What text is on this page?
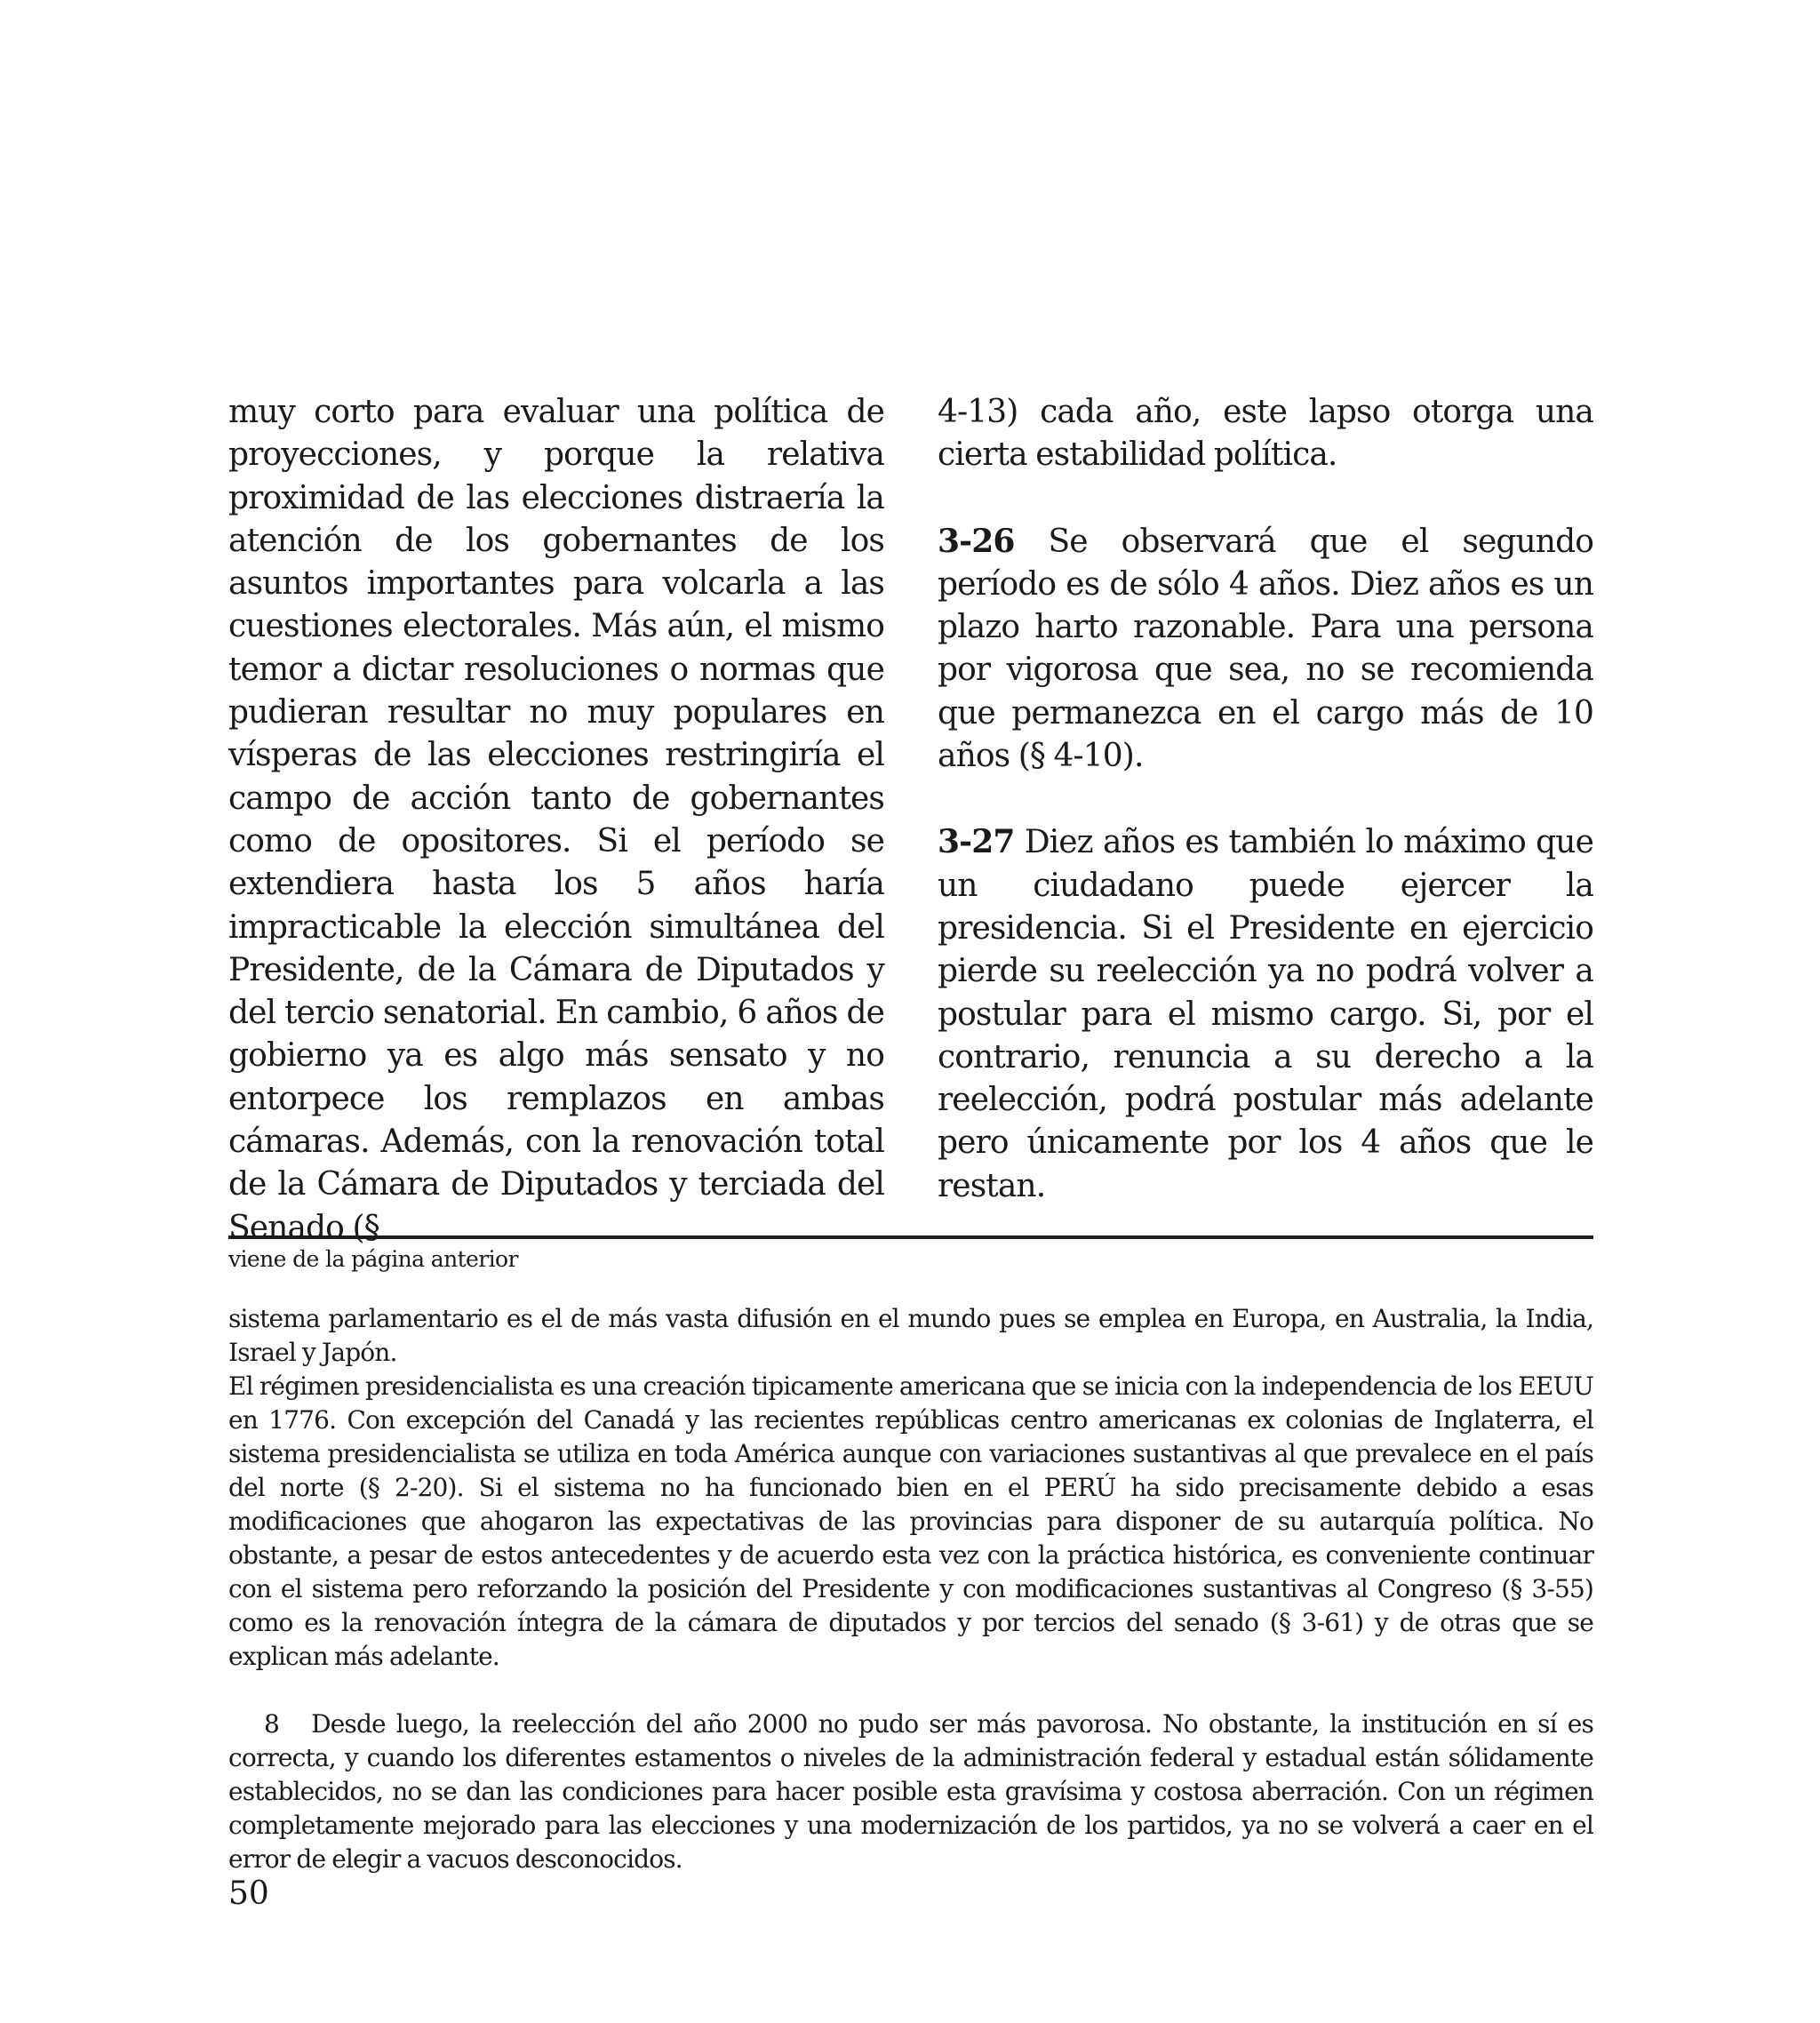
muy corto para evaluar una política de proyecciones, y porque la relativa proximidad de las elecciones distraería la atención de los gobernantes de los asuntos importantes para volcarla a las cuestiones electorales. Más aún, el mismo temor a dictar resoluciones o normas que pudieran resultar no muy populares en vísperas de las elecciones restringiría el campo de acción tanto de gobernantes como de opositores. Si el período se extendiera hasta los 5 años haría impracticable la elección simultánea del Presidente, de la Cámara de Diputados y del tercio senatorial. En cambio, 6 años de gobierno ya es algo más sensato y no entorpece los remplazos en ambas cámaras. Además, con la renovación total de la Cámara de Diputados y terciada del Senado (§

4-13) cada año, este lapso otorga una cierta estabilidad política.

3-26 Se observará que el segundo período es de sólo 4 años. Diez años es un plazo harto razonable. Para una persona por vigorosa que sea, no se recomienda que permanezca en el cargo más de 10 años (§ 4-10).

3-27 Diez años es también lo máximo que un ciudadano puede ejercer la presidencia. Si el Presidente en ejercicio pierde su reelección ya no podrá volver a postular para el mismo cargo. Si, por el contrario, renuncia a su derecho a la reelección, podrá postular más adelante pero únicamente por los 4 años que le restan.

viene de la página anterior

sistema parlamentario es el de más vasta difusión en el mundo pues se emplea en Europa, en Australia, la India, Israel y Japón.

El régimen presidencialista es una creación tipicamente americana que se inicia con la independencia de los EEUU en 1776. Con excepción del Canadá y las recientes repúblicas centro americanas ex colonias de Inglaterra, el sistema presidencialista se utiliza en toda América aunque con variaciones sustantivas al que prevalece en el país del norte (§ 2-20). Si el sistema no ha funcionado bien en el PERÚ ha sido precisamente debido a esas modificaciones que ahogaron las expectativas de las provincias para disponer de su autarquía política. No obstante, a pesar de estos antecedentes y de acuerdo esta vez con la práctica histórica, es conveniente continuar con el sistema pero reforzando la posición del Presidente y con modificaciones sustantivas al Congreso (§ 3-55) como es la renovación íntegra de la cámara de diputados y por tercios del senado (§ 3-61) y de otras que se explican más adelante.

8 Desde luego, la reelección del año 2000 no pudo ser más pavorosa. No obstante, la institución en sí es correcta, y cuando los diferentes estamentos o niveles de la administración federal y estadual están sólidamente establecidos, no se dan las condiciones para hacer posible esta gravísima y costosa aberración. Con un régimen completamente mejorado para las elecciones y una modernización de los partidos, ya no se volverá a caer en el error de elegir a vacuos desconocidos.

50
